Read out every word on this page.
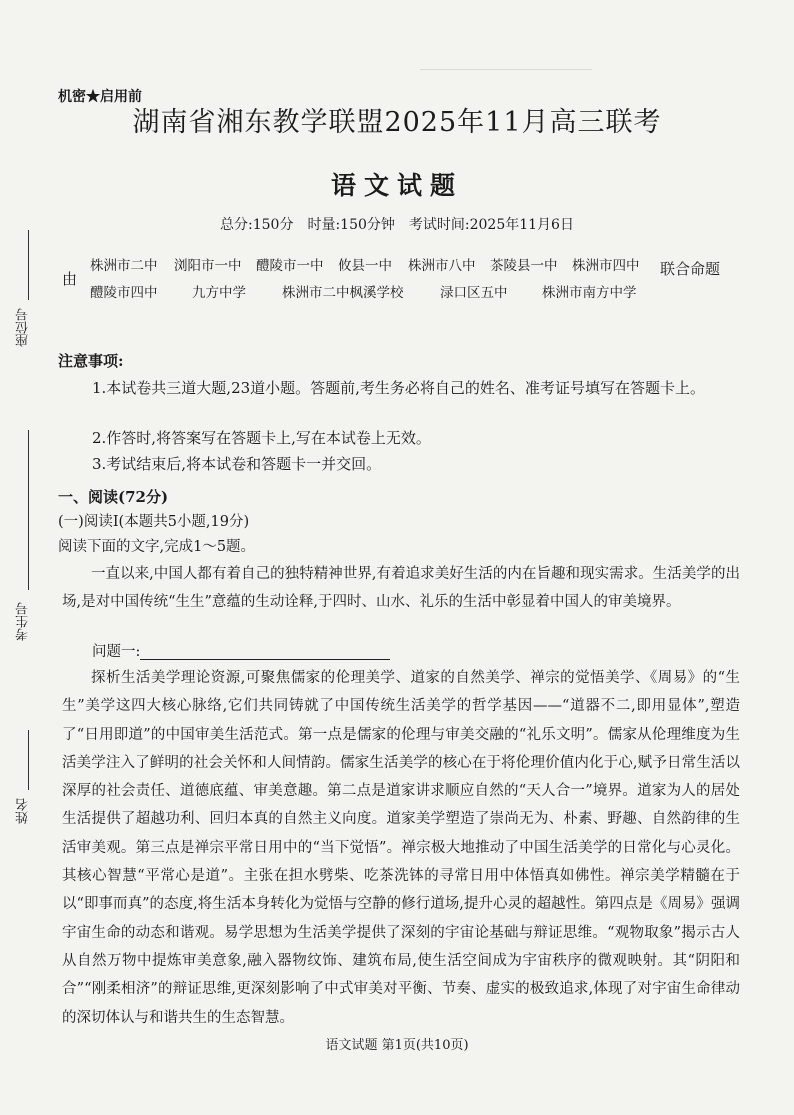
──────────────────────

座位号
考生号
姓名
机密★启用前
湖南省湘东教学联盟2025年11月高三联考
语文试题
总分:150分　时量:150分钟　考试时间:2025年11月6日
由
株洲市二中 浏阳市一中 醴陵市一中 攸县一中 株洲市八中 茶陵县一中 株洲市四中
醴陵市四中	九方中学	株洲市二中枫溪学校	渌口区五中	株洲市南方中学
联合命题
注意事项:
1.本试卷共三道大题,23道小题。答题前,考生务必将自己的姓名、准考证号填写在答题卡上。
2.作答时,将答案写在答题卡上,写在本试卷上无效。
3.考试结束后,将本试卷和答题卡一并交回。
一、阅读(72分)
(一)阅读Ⅰ(本题共5小题,19分)
阅读下面的文字,完成1～5题。

一直以来,中国人都有着自己的独特精神世界,有着追求美好生活的内在旨趣和现实需求。生活美学的出场,是对中国传统“生生”意蕴的生动诠释,于四时、山水、礼乐的生活中彰显着中国人的审美境界。

问题一:

探析生活美学理论资源,可聚焦儒家的伦理美学、道家的自然美学、禅宗的觉悟美学、《周易》的“生生”美学这四大核心脉络,它们共同铸就了中国传统生活美学的哲学基因——“道器不二,即用显体”,塑造了“日用即道”的中国审美生活范式。第一点是儒家的伦理与审美交融的“礼乐文明”。儒家从伦理维度为生活美学注入了鲜明的社会关怀和人间情韵。儒家生活美学的核心在于将伦理价值内化于心,赋予日常生活以深厚的社会责任、道德底蕴、审美意趣。第二点是道家讲求顺应自然的“天人合一”境界。道家为人的居处生活提供了超越功利、回归本真的自然主义向度。道家美学塑造了崇尚无为、朴素、野趣、自然韵律的生活审美观。第三点是禅宗平常日用中的“当下觉悟”。禅宗极大地推动了中国生活美学的日常化与心灵化。其核心智慧“平常心是道”。主张在担水劈柴、吃茶洗钵的寻常日用中体悟真如佛性。禅宗美学精髓在于以“即事而真”的态度,将生活本身转化为觉悟与空静的修行道场,提升心灵的超越性。第四点是《周易》强调宇宙生命的动态和谐观。易学思想为生活美学提供了深刻的宇宙论基础与辩证思维。“观物取象”揭示古人从自然万物中提炼审美意象,融入器物纹饰、建筑布局,使生活空间成为宇宙秩序的微观映射。其“阴阳和合”“刚柔相济”的辩证思维,更深刻影响了中式审美对平衡、节奏、虚实的极致追求,体现了对宇宙生命律动的深切体认与和谐共生的生态智慧。

语文试题 第1页(共10页)
